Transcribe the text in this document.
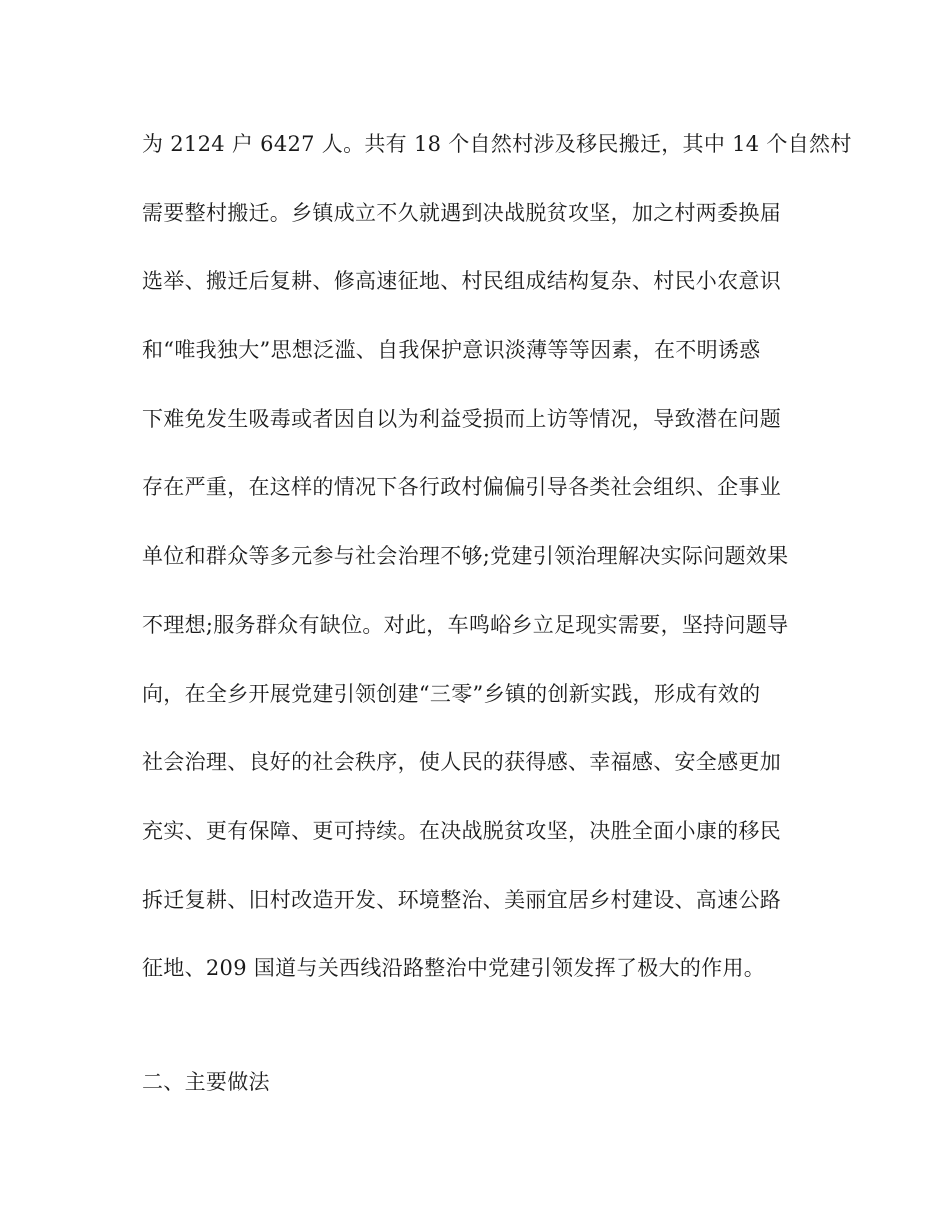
为 2124 户 6427 人。共有 18 个自然村涉及移民搬迁，其中 14 个自然村
需要整村搬迁。乡镇成立不久就遇到决战脱贫攻坚，加之村两委换届
选举、搬迁后复耕、修高速征地、村民组成结构复杂、村民小农意识
和“唯我独大”思想泛滥、自我保护意识淡薄等等因素，在不明诱惑
下难免发生吸毒或者因自以为利益受损而上访等情况，导致潜在问题
存在严重，在这样的情况下各行政村偏偏引导各类社会组织、企事业
单位和群众等多元参与社会治理不够;党建引领治理解决实际问题效果
不理想;服务群众有缺位。对此，车鸣峪乡立足现实需要，坚持问题导
向，在全乡开展党建引领创建“三零”乡镇的创新实践，形成有效的
社会治理、良好的社会秩序，使人民的获得感、幸福感、安全感更加
充实、更有保障、更可持续。在决战脱贫攻坚，决胜全面小康的移民
拆迁复耕、旧村改造开发、环境整治、美丽宜居乡村建设、高速公路
征地、209 国道与关西线沿路整治中党建引领发挥了极大的作用。
二、主要做法
